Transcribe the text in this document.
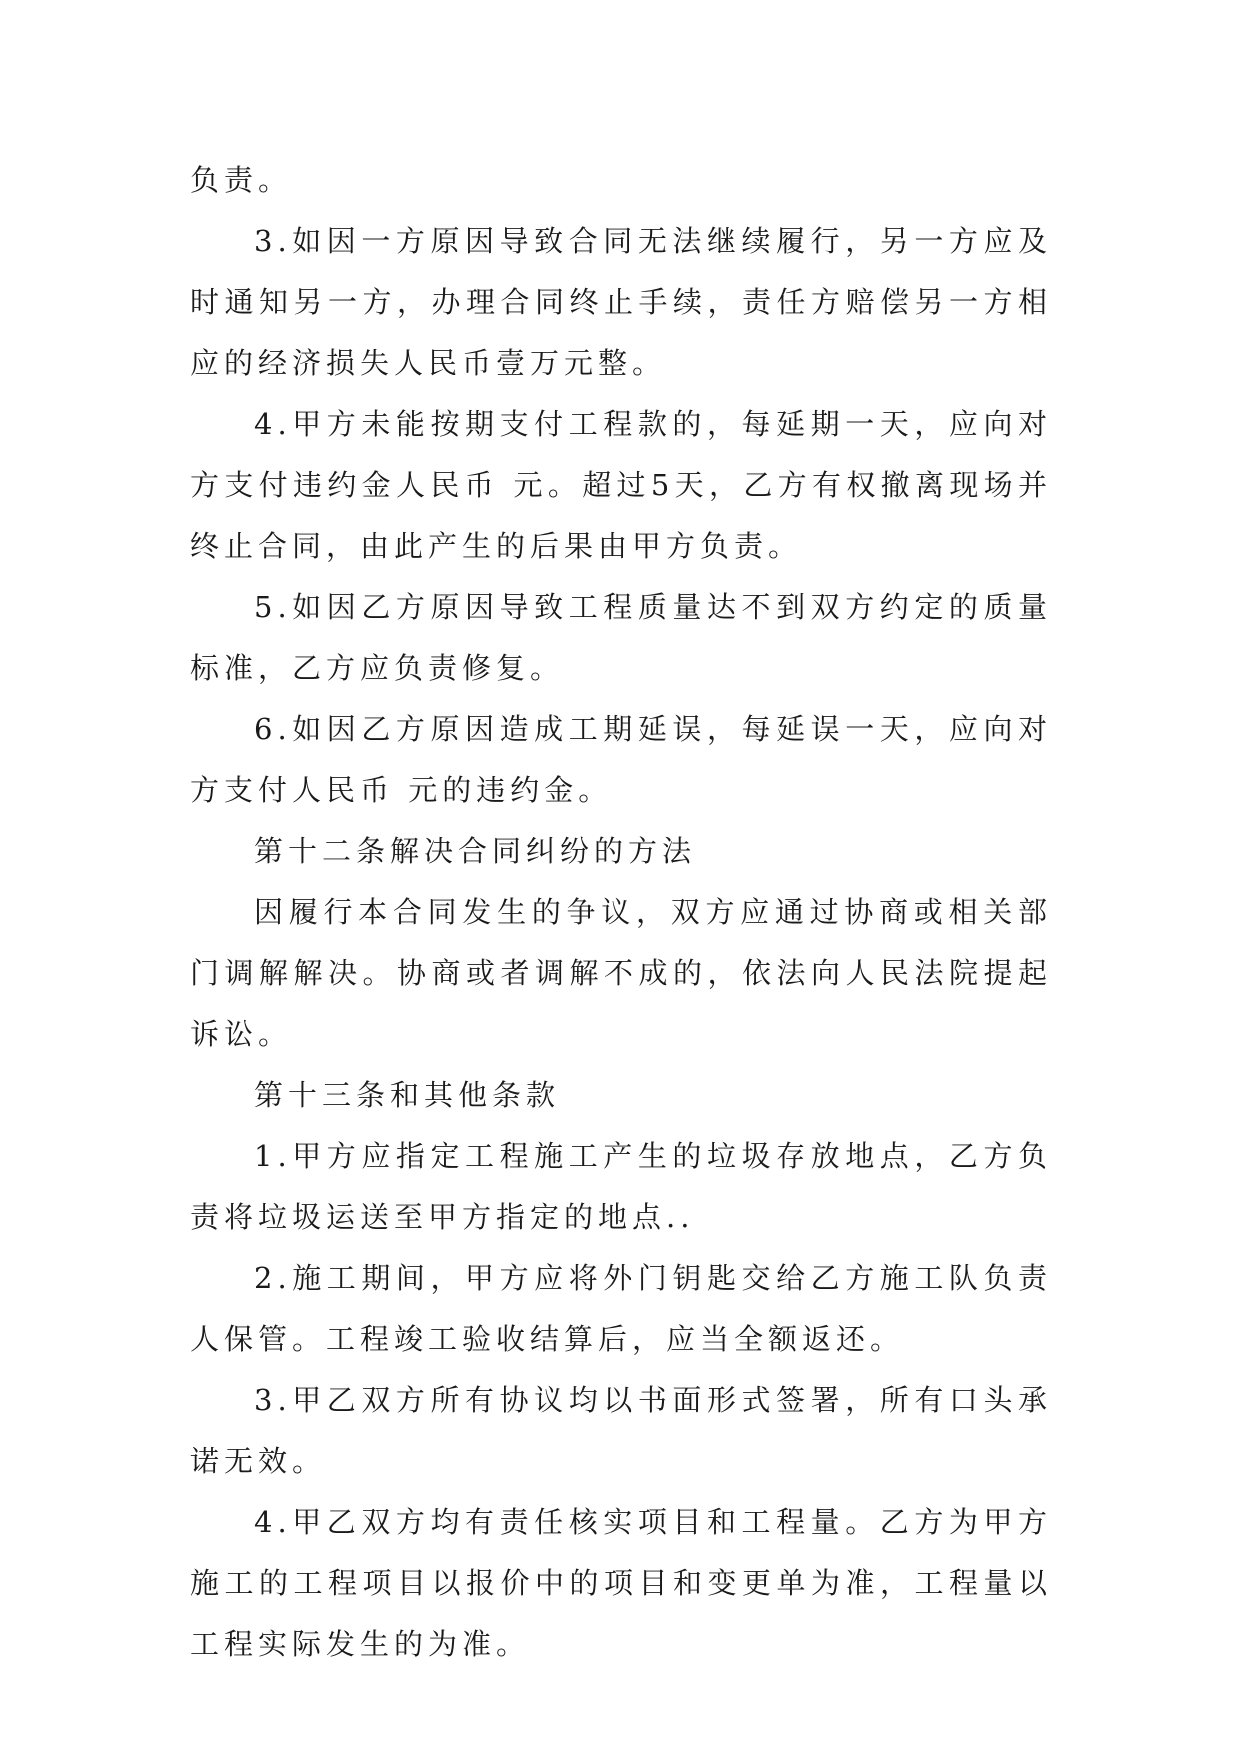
负责。

3.如因一方原因导致合同无法继续履行，另一方应及时通知另一方，办理合同终止手续，责任方赔偿另一方相应的经济损失人民币壹万元整。

4.甲方未能按期支付工程款的，每延期一天，应向对方支付违约金人民币 元。超过5天，乙方有权撤离现场并终止合同，由此产生的后果由甲方负责。

5.如因乙方原因导致工程质量达不到双方约定的质量标准，乙方应负责修复。

6.如因乙方原因造成工期延误，每延误一天，应向对方支付人民币 元的违约金。

第十二条解决合同纠纷的方法

因履行本合同发生的争议，双方应通过协商或相关部门调解解决。协商或者调解不成的，依法向人民法院提起诉讼。

第十三条和其他条款

1.甲方应指定工程施工产生的垃圾存放地点，乙方负责将垃圾运送至甲方指定的地点..

2.施工期间，甲方应将外门钥匙交给乙方施工队负责人保管。工程竣工验收结算后，应当全额返还。

3.甲乙双方所有协议均以书面形式签署，所有口头承诺无效。

4.甲乙双方均有责任核实项目和工程量。乙方为甲方施工的工程项目以报价中的项目和变更单为准，工程量以工程实际发生的为准。
